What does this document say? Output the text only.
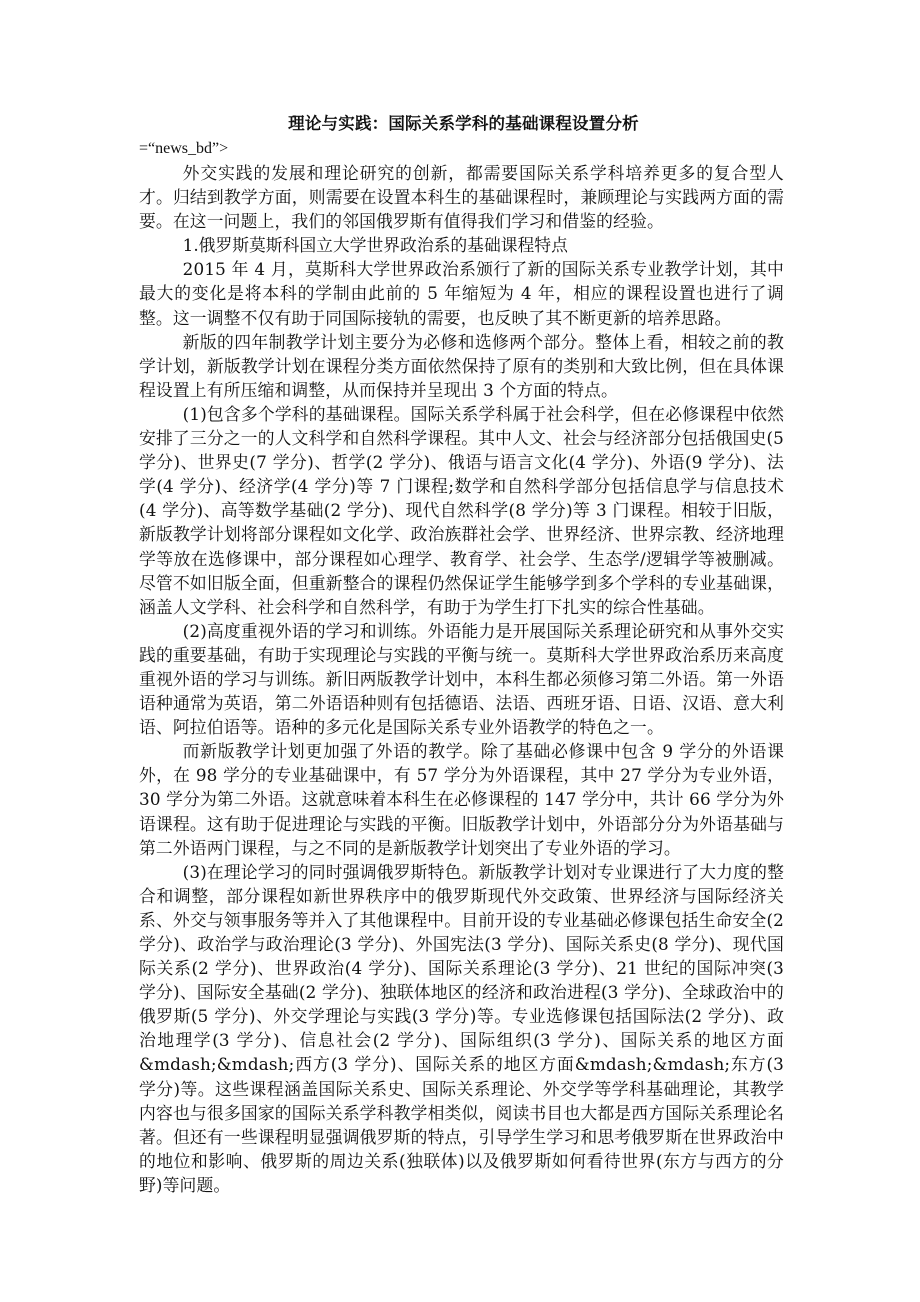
理论与实践：国际关系学科的基础课程设置分析

=“news_bd”>

外交实践的发展和理论研究的创新，都需要国际关系学科培养更多的复合型人才。归结到教学方面，则需要在设置本科生的基础课程时，兼顾理论与实践两方面的需要。在这一问题上，我们的邻国俄罗斯有值得我们学习和借鉴的经验。

1.俄罗斯莫斯科国立大学世界政治系的基础课程特点

2015 年 4 月，莫斯科大学世界政治系颁行了新的国际关系专业教学计划，其中最大的变化是将本科的学制由此前的 5 年缩短为 4 年，相应的课程设置也进行了调整。这一调整不仅有助于同国际接轨的需要，也反映了其不断更新的培养思路。

新版的四年制教学计划主要分为必修和选修两个部分。整体上看，相较之前的教学计划，新版教学计划在课程分类方面依然保持了原有的类别和大致比例，但在具体课程设置上有所压缩和调整，从而保持并呈现出 3 个方面的特点。

(1)包含多个学科的基础课程。国际关系学科属于社会科学，但在必修课程中依然安排了三分之一的人文科学和自然科学课程。其中人文、社会与经济部分包括俄国史(5 学分)、世界史(7 学分)、哲学(2 学分)、俄语与语言文化(4 学分)、外语(9 学分)、法学(4 学分)、经济学(4 学分)等 7 门课程;数学和自然科学部分包括信息学与信息技术(4 学分)、高等数学基础(2 学分)、现代自然科学(8 学分)等 3 门课程。相较于旧版，新版教学计划将部分课程如文化学、政治族群社会学、世界经济、世界宗教、经济地理学等放在选修课中，部分课程如心理学、教育学、社会学、生态学/逻辑学等被删减。尽管不如旧版全面，但重新整合的课程仍然保证学生能够学到多个学科的专业基础课，涵盖人文学科、社会科学和自然科学，有助于为学生打下扎实的综合性基础。

(2)高度重视外语的学习和训练。外语能力是开展国际关系理论研究和从事外交实践的重要基础，有助于实现理论与实践的平衡与统一。莫斯科大学世界政治系历来高度重视外语的学习与训练。新旧两版教学计划中，本科生都必须修习第二外语。第一外语语种通常为英语，第二外语语种则有包括德语、法语、西班牙语、日语、汉语、意大利语、阿拉伯语等。语种的多元化是国际关系专业外语教学的特色之一。

而新版教学计划更加强了外语的教学。除了基础必修课中包含 9 学分的外语课外，在 98 学分的专业基础课中，有 57 学分为外语课程，其中 27 学分为专业外语，30 学分为第二外语。这就意味着本科生在必修课程的 147 学分中，共计 66 学分为外语课程。这有助于促进理论与实践的平衡。旧版教学计划中，外语部分分为外语基础与第二外语两门课程，与之不同的是新版教学计划突出了专业外语的学习。

(3)在理论学习的同时强调俄罗斯特色。新版教学计划对专业课进行了大力度的整合和调整，部分课程如新世界秩序中的俄罗斯现代外交政策、世界经济与国际经济关系、外交与领事服务等并入了其他课程中。目前开设的专业基础必修课包括生命安全(2 学分)、政治学与政治理论(3 学分)、外国宪法(3 学分)、国际关系史(8 学分)、现代国际关系(2 学分)、世界政治(4 学分)、国际关系理论(3 学分)、21 世纪的国际冲突(3 学分)、国际安全基础(2 学分)、独联体地区的经济和政治进程(3 学分)、全球政治中的俄罗斯(5 学分)、外交学理论与实践(3 学分)等。专业选修课包括国际法(2 学分)、政治地理学(3 学分)、信息社会(2 学分)、国际组织(3 学分)、国际关系的地区方面&mdash;&mdash;西方(3 学分)、国际关系的地区方面&mdash;&mdash;东方(3 学分)等。这些课程涵盖国际关系史、国际关系理论、外交学等学科基础理论，其教学内容也与很多国家的国际关系学科教学相类似，阅读书目也大都是西方国际关系理论名著。但还有一些课程明显强调俄罗斯的特点，引导学生学习和思考俄罗斯在世界政治中的地位和影响、俄罗斯的周边关系(独联体)以及俄罗斯如何看待世界(东方与西方的分野)等问题。
